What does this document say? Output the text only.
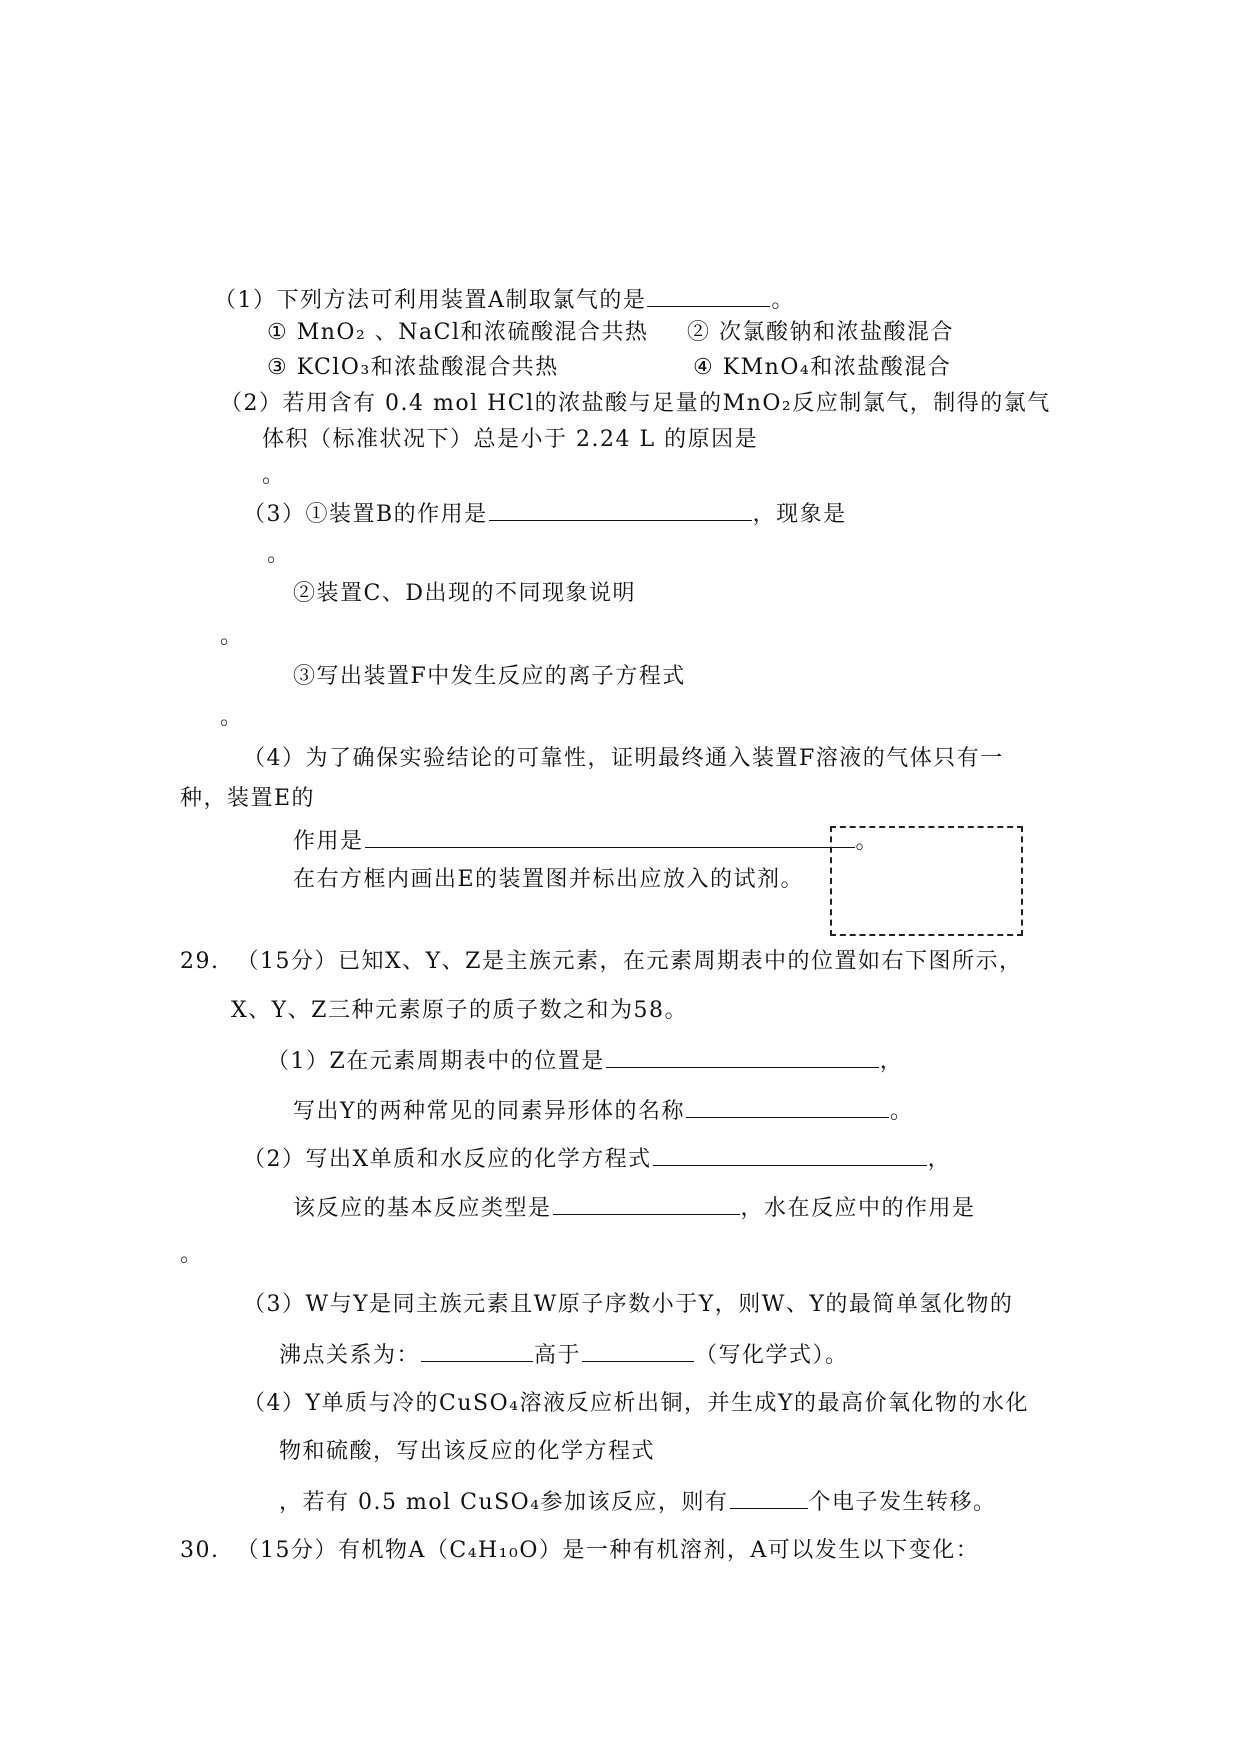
（1）下列方法可利用装置A制取氯气的是	。
① MnO₂ 、NaCl和浓硫酸混合共热 ② 次氯酸钠和浓盐酸混合
③ KClO₃和浓盐酸混合共热	④ KMnO₄和浓盐酸混合
（2）若用含有 0.4 mol HCl的浓盐酸与足量的MnO₂反应制氯气，制得的氯气
体积（标准状况下）总是小于 2.24 L 的原因是
。
（3）①装置B的作用是	，现象是
。
②装置C、D出现的不同现象说明
。
③写出装置F中发生反应的离子方程式
。
（4）为了确保实验结论的可靠性，证明最终通入装置F溶液的气体只有一
种，装置E的
作用是	。
在右方框内画出E的装置图并标出应放入的试剂。
29.  （15分）已知X、Y、Z是主族元素，在元素周期表中的位置如右下图所示，
X、Y、Z三种元素原子的质子数之和为58。
（1）Z在元素周期表中的位置是	，
写出Y的两种常见的同素异形体的名称	。
（2）写出X单质和水反应的化学方程式	，
该反应的基本反应类型是	，水在反应中的作用是
。
（3）W与Y是同主族元素且W原子序数小于Y，则W、Y的最简单氢化物的
沸点关系为：	高于	（写化学式）。
（4）Y单质与冷的CuSO₄溶液反应析出铜，并生成Y的最高价氧化物的水化
物和硫酸，写出该反应的化学方程式
，若有 0.5 mol CuSO₄参加该反应，则有	个电子发生转移。
30.  （15分）有机物A（C₄H₁₀O）是一种有机溶剂，A可以发生以下变化：
